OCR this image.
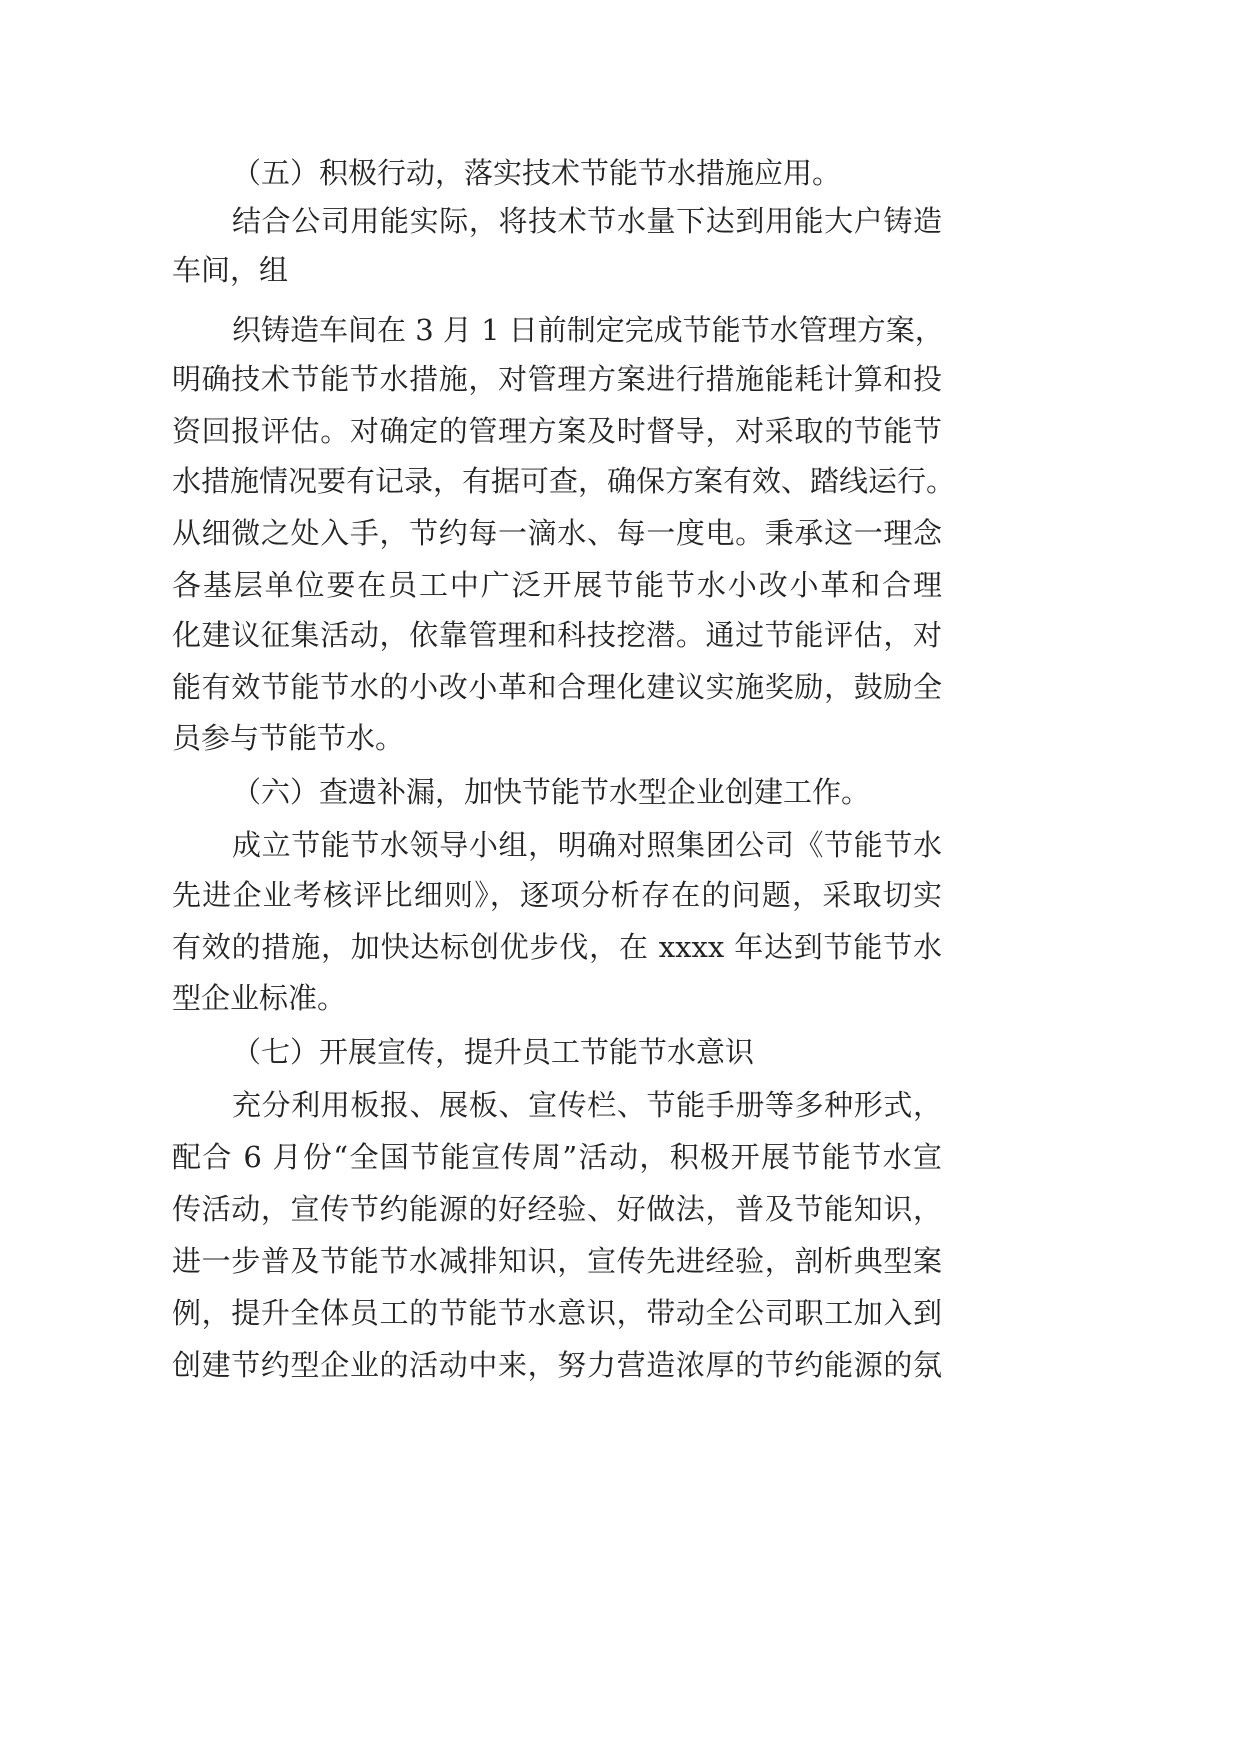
（五）积极行动，落实技术节能节水措施应用。
结合公司用能实际，将技术节水量下达到用能大户铸造
车间，组
织铸造车间在 3 月 1 日前制定完成节能节水管理方案，
明确技术节能节水措施，对管理方案进行措施能耗计算和投
资回报评估。对确定的管理方案及时督导，对采取的节能节
水措施情况要有记录，有据可查，确保方案有效、踏线运行。
从细微之处入手，节约每一滴水、每一度电。秉承这一理念
各基层单位要在员工中广泛开展节能节水小改小革和合理
化建议征集活动，依靠管理和科技挖潜。通过节能评估，对
能有效节能节水的小改小革和合理化建议实施奖励，鼓励全
员参与节能节水。
（六）查遗补漏，加快节能节水型企业创建工作。
成立节能节水领导小组，明确对照集团公司《节能节水
先进企业考核评比细则》，逐项分析存在的问题，采取切实
有效的措施，加快达标创优步伐，在 xxxx 年达到节能节水
型企业标准。
（七）开展宣传，提升员工节能节水意识
充分利用板报、展板、宣传栏、节能手册等多种形式，
配合 6 月份“全国节能宣传周”活动，积极开展节能节水宣
传活动，宣传节约能源的好经验、好做法，普及节能知识，
进一步普及节能节水减排知识，宣传先进经验，剖析典型案
例，提升全体员工的节能节水意识，带动全公司职工加入到
创建节约型企业的活动中来，努力营造浓厚的节约能源的氛
